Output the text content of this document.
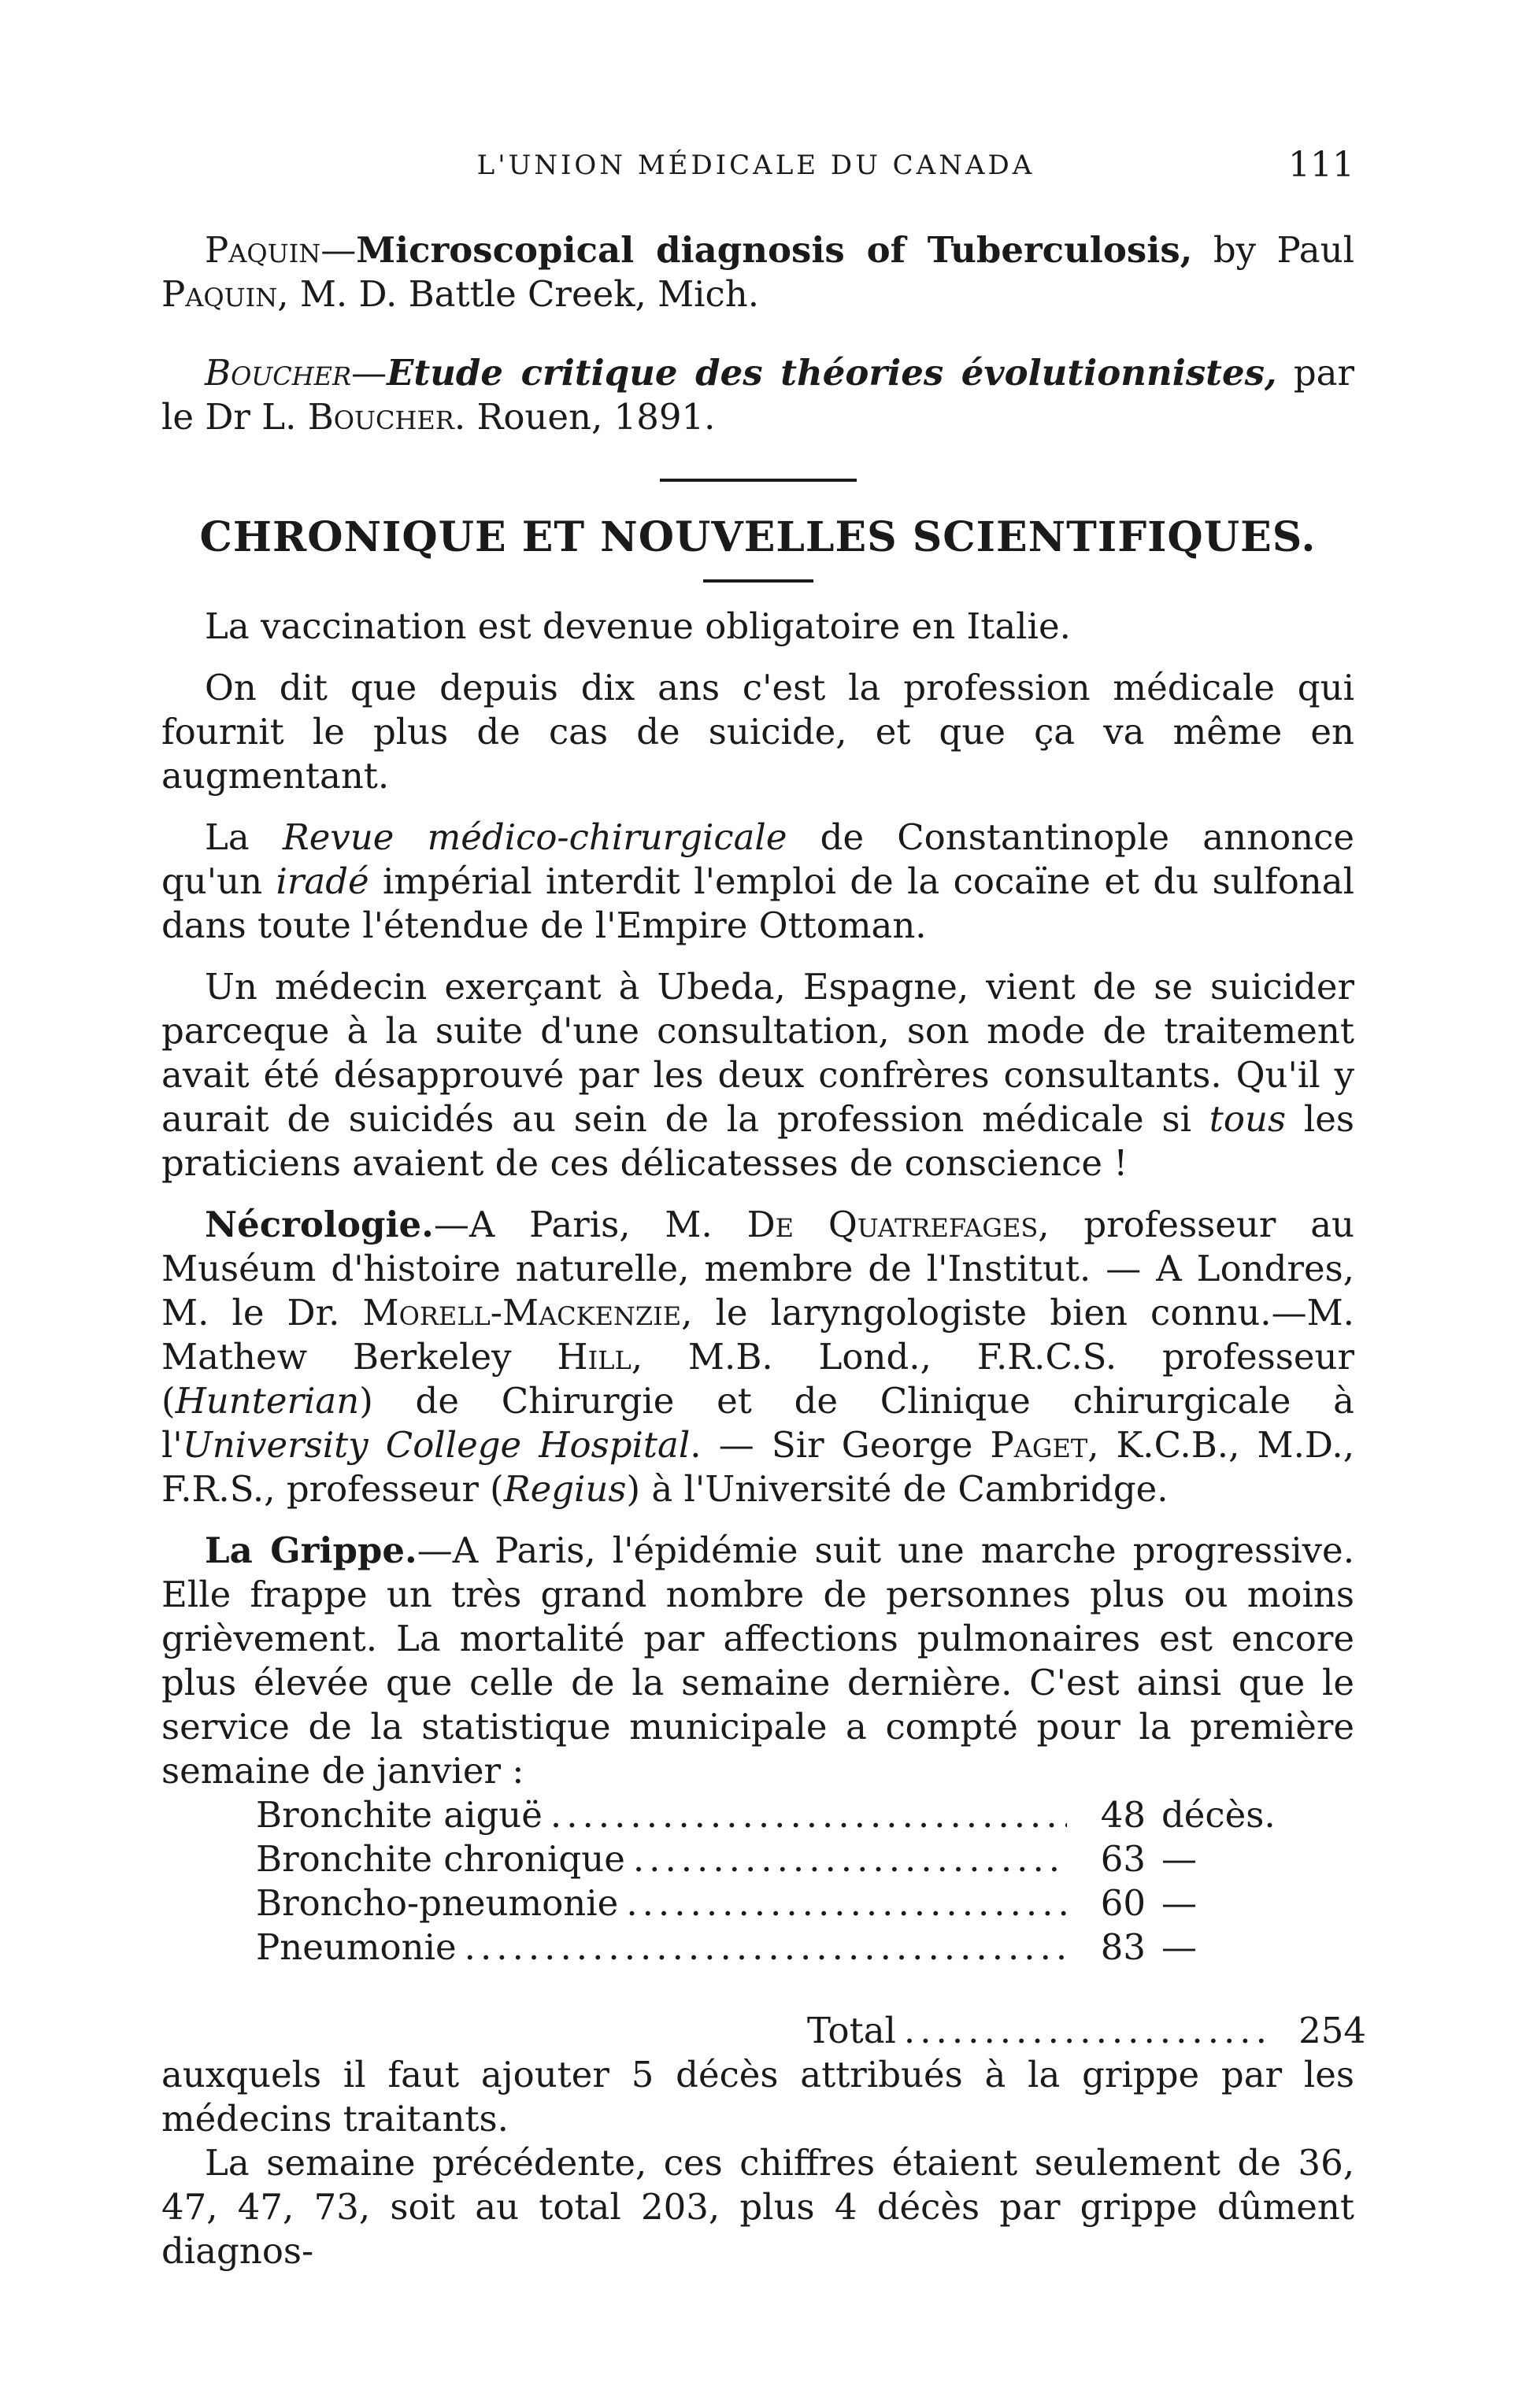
L'UNION MÉDICALE DU CANADA	111

Paquin—Microscopical diagnosis of Tuberculosis, by Paul Paquin, M. D. Battle Creek, Mich.

Boucher—Etude critique des théories évolutionnistes, par le Dr L. Boucher. Rouen, 1891.

CHRONIQUE ET NOUVELLES SCIENTIFIQUES.

La vaccination est devenue obligatoire en Italie.

On dit que depuis dix ans c'est la profession médicale qui fournit le plus de cas de suicide, et que ça va même en augmentant.

La Revue médico-chirurgicale de Constantinople annonce qu'un iradé impérial interdit l'emploi de la cocaïne et du sulfonal dans toute l'étendue de l'Empire Ottoman.

Un médecin exerçant à Ubeda, Espagne, vient de se suicider parceque à la suite d'une consultation, son mode de traitement avait été désapprouvé par les deux confrères consultants. Qu'il y aurait de suicidés au sein de la profession médicale si tous les praticiens avaient de ces délicatesses de conscience !

Nécrologie.—A Paris, M. De Quatrefages, professeur au Muséum d'histoire naturelle, membre de l'Institut. — A Londres, M. le Dr. Morell-Mackenzie, le laryngologiste bien connu.—M. Mathew Berkeley Hill, M.B. Lond., F.R.C.S. professeur (Hunterian) de Chirurgie et de Clinique chirurgicale à l'University College Hospital. — Sir George Paget, K.C.B., M.D., F.R.S., professeur (Regius) à l'Université de Cambridge.

La Grippe.—A Paris, l'épidémie suit une marche progressive. Elle frappe un très grand nombre de personnes plus ou moins grièvement. La mortalité par affections pulmonaires est encore plus élevée que celle de la semaine dernière. C'est ainsi que le service de la statistique municipale a compté pour la première semaine de janvier :

Bronchite aiguë .....	48 décès.
Bronchite chronique .....	63 —
Broncho-pneumonie .....	60 —
Pneumonie .....	83 —
Total .....	254

auxquels il faut ajouter 5 décès attribués à la grippe par les médecins traitants.

La semaine précédente, ces chiffres étaient seulement de 36, 47, 47, 73, soit au total 203, plus 4 décès par grippe dûment diagnos-
